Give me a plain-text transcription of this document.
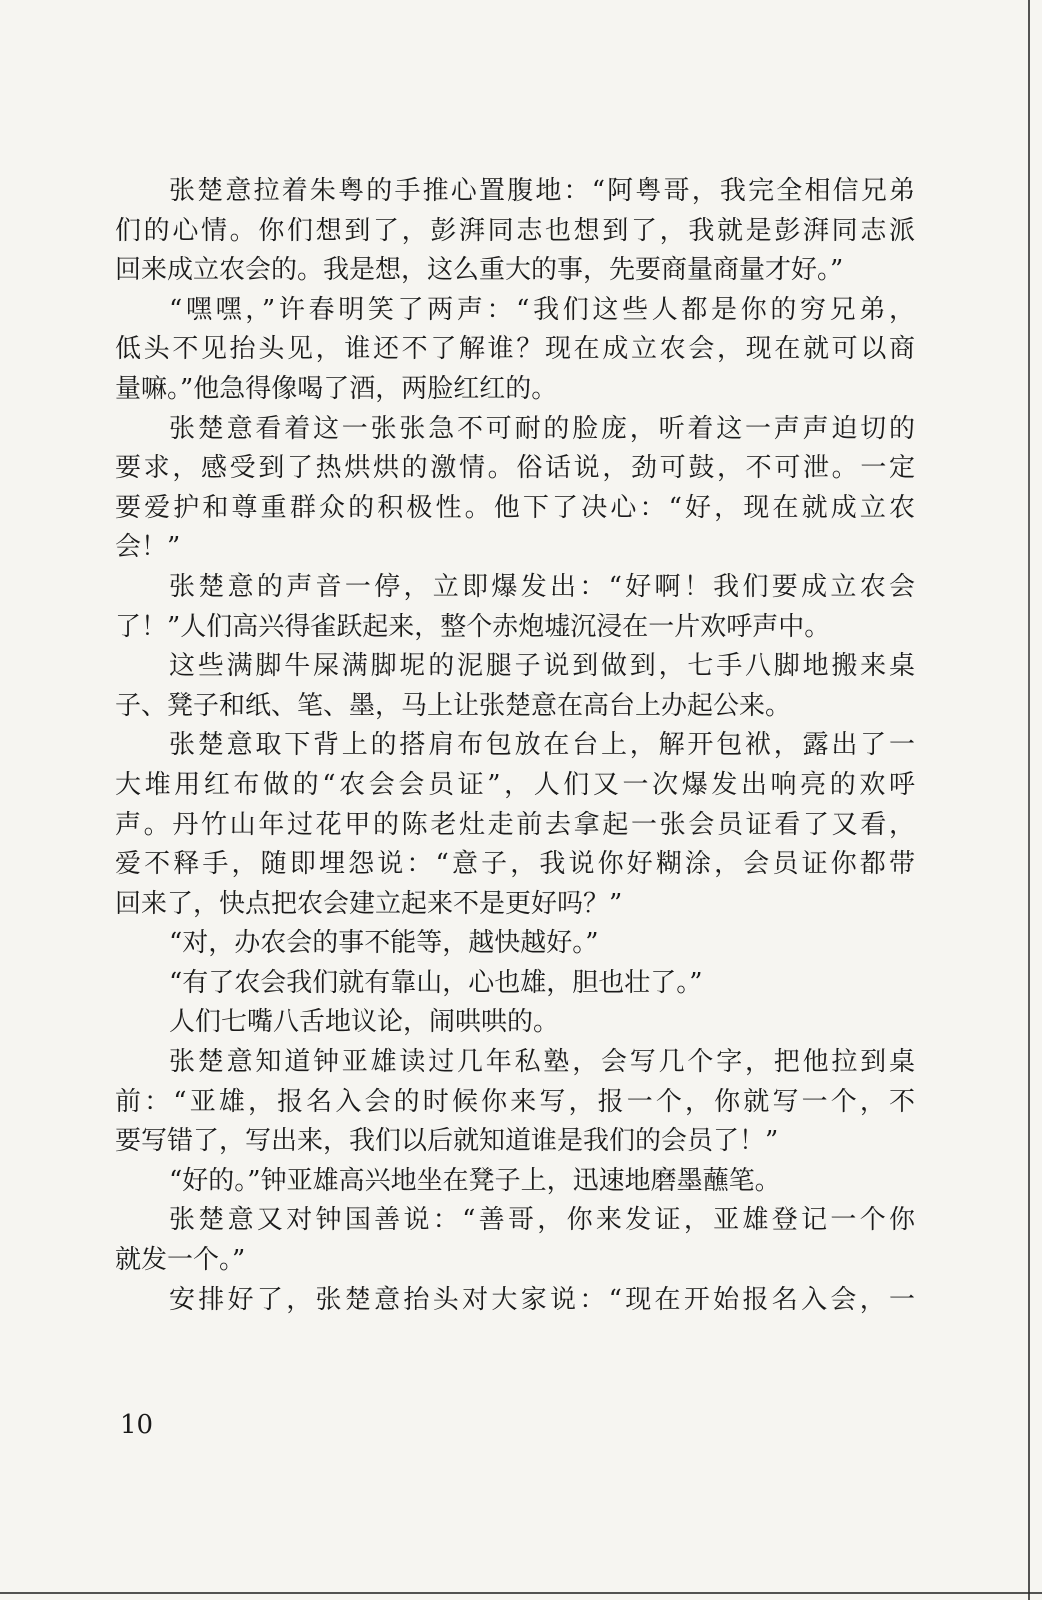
张楚意拉着朱粤的手推心置腹地：“阿粤哥，我完全相信兄弟
们的心情。你们想到了，彭湃同志也想到了，我就是彭湃同志派
回来成立农会的。我是想，这么重大的事，先要商量商量才好。”
“嘿嘿，”许春明笑了两声：“我们这些人都是你的穷兄弟，
低头不见抬头见，谁还不了解谁？现在成立农会，现在就可以商
量嘛。”他急得像喝了酒，两脸红红的。
张楚意看着这一张张急不可耐的脸庞，听着这一声声迫切的
要求，感受到了热烘烘的激情。俗话说，劲可鼓，不可泄。一定
要爱护和尊重群众的积极性。他下了决心：“好，现在就成立农
会！”
张楚意的声音一停，立即爆发出：“好啊！我们要成立农会
了！”人们高兴得雀跃起来，整个赤炮墟沉浸在一片欢呼声中。
这些满脚牛屎满脚坭的泥腿子说到做到，七手八脚地搬来桌
子、凳子和纸、笔、墨，马上让张楚意在高台上办起公来。
张楚意取下背上的搭肩布包放在台上，解开包袱，露出了一
大堆用红布做的“农会会员证”，人们又一次爆发出响亮的欢呼
声。丹竹山年过花甲的陈老灶走前去拿起一张会员证看了又看，
爱不释手，随即埋怨说：“意子，我说你好糊涂，会员证你都带
回来了，快点把农会建立起来不是更好吗？”
“对，办农会的事不能等，越快越好。”
“有了农会我们就有靠山，心也雄，胆也壮了。”
人们七嘴八舌地议论，闹哄哄的。
张楚意知道钟亚雄读过几年私塾，会写几个字，把他拉到桌
前：“亚雄，报名入会的时候你来写，报一个，你就写一个，不
要写错了，写出来，我们以后就知道谁是我们的会员了！”
“好的。”钟亚雄高兴地坐在凳子上，迅速地磨墨蘸笔。
张楚意又对钟国善说：“善哥，你来发证，亚雄登记一个你
就发一个。”
安排好了，张楚意抬头对大家说：“现在开始报名入会，一
10
